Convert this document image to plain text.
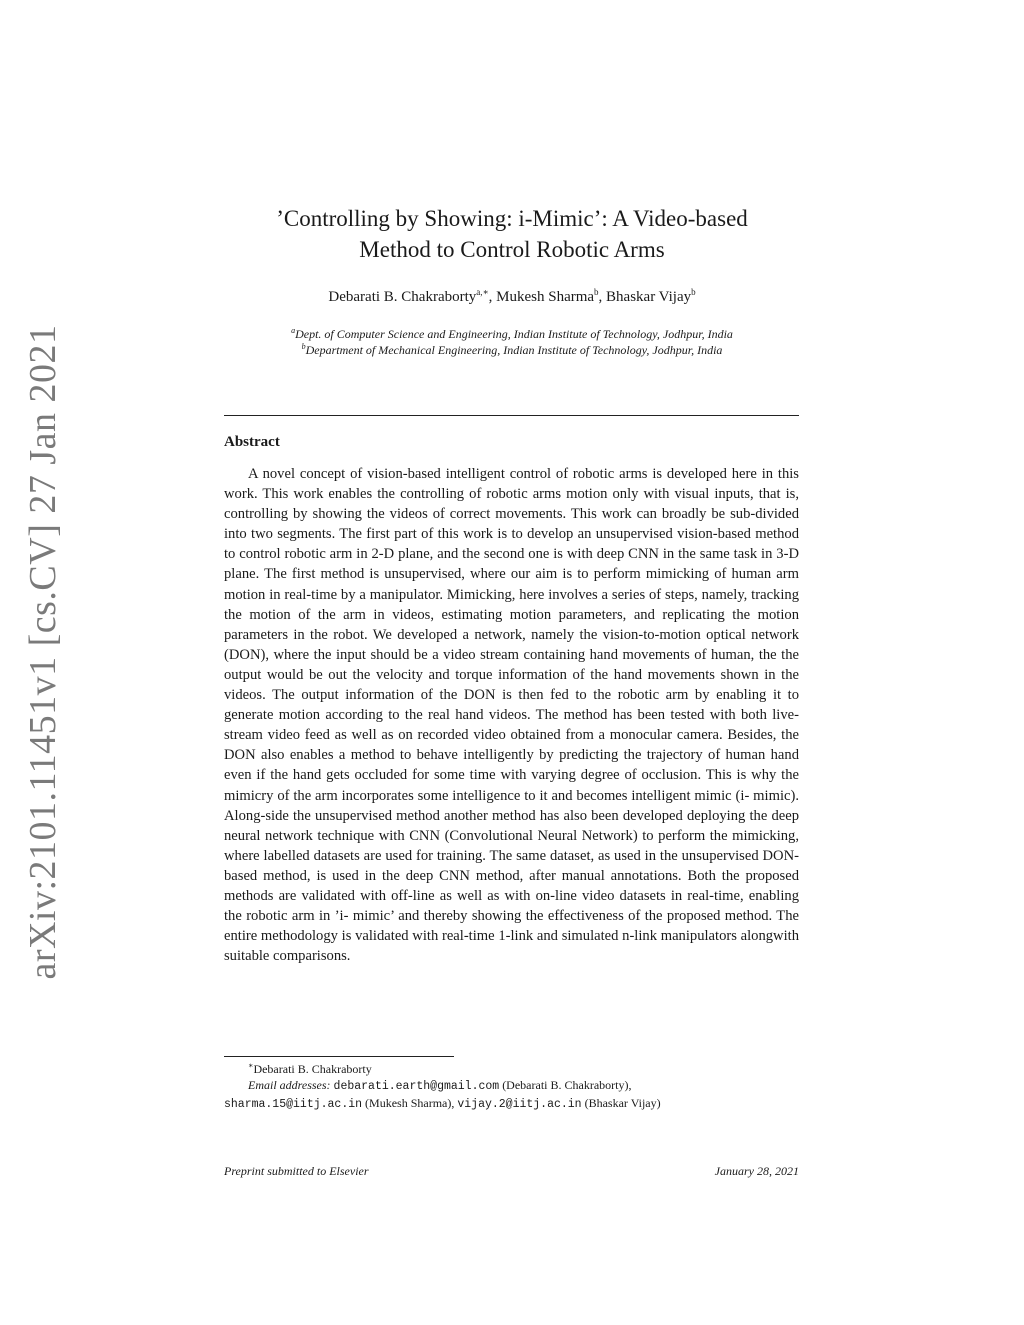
arXiv:2101.11451v1 [cs.CV] 27 Jan 2021
’Controlling by Showing: i-Mimic’: A Video-based
Method to Control Robotic Arms
Debarati B. Chakraborty$^{a,∗}$, Mukesh Sharma$^b$, Bhaskar Vijay$^b$
$^a$Dept. of Computer Science and Engineering, Indian Institute of Technology, Jodhpur, India
$^b$Department of Mechanical Engineering, Indian Institute of Technology, Jodhpur, India
Abstract

A novel concept of vision-based intelligent control of robotic arms is developed here in this work. This work enables the controlling of robotic arms motion only with visual inputs, that is, controlling by showing the videos of correct movements. This work can broadly be sub-divided into two segments. The first part of this work is to develop an unsupervised vision-based method to control robotic arm in 2-D plane, and the second one is with deep CNN in the same task in 3-D plane. The first method is unsupervised, where our aim is to perform mimicking of human arm motion in real-time by a manipulator. Mimicking, here involves a series of steps, namely, tracking the motion of the arm in videos, estimating motion parameters, and replicating the motion parameters in the robot. We developed a network, namely the vision-to-motion optical network (DON), where the input should be a video stream containing hand movements of human, the the output would be out the velocity and torque information of the hand movements shown in the videos. The output information of the DON is then fed to the robotic arm by enabling it to generate motion according to the real hand videos. The method has been tested with both live-stream video feed as well as on recorded video obtained from a monocular camera. Besides, the DON also enables a method to behave intelligently by predicting the trajectory of human hand even if the hand gets occluded for some time with varying degree of occlusion. This is why the mimicry of the arm incorporates some intelligence to it and becomes intelligent mimic (i- mimic). Along-side the unsupervised method another method has also been developed deploying the deep neural network technique with CNN (Convolutional Neural Network) to perform the mimicking, where labelled datasets are used for training. The same dataset, as used in the unsupervised DON-based method, is used in the deep CNN method, after manual annotations. Both the proposed methods are validated with off-line as well as with on-line video datasets in real-time, enabling the robotic arm in ’i- mimic’ and thereby showing the effectiveness of the proposed method. The entire methodology is validated with real-time 1-link and simulated n-link manipulators alongwith suitable comparisons.

∗Debarati B. Chakraborty
Email addresses: debarati.earth@gmail.com (Debarati B. Chakraborty),
sharma.15@iitj.ac.in (Mukesh Sharma), vijay.2@iitj.ac.in (Bhaskar Vijay)
Preprint submitted to Elsevier	January 28, 2021
